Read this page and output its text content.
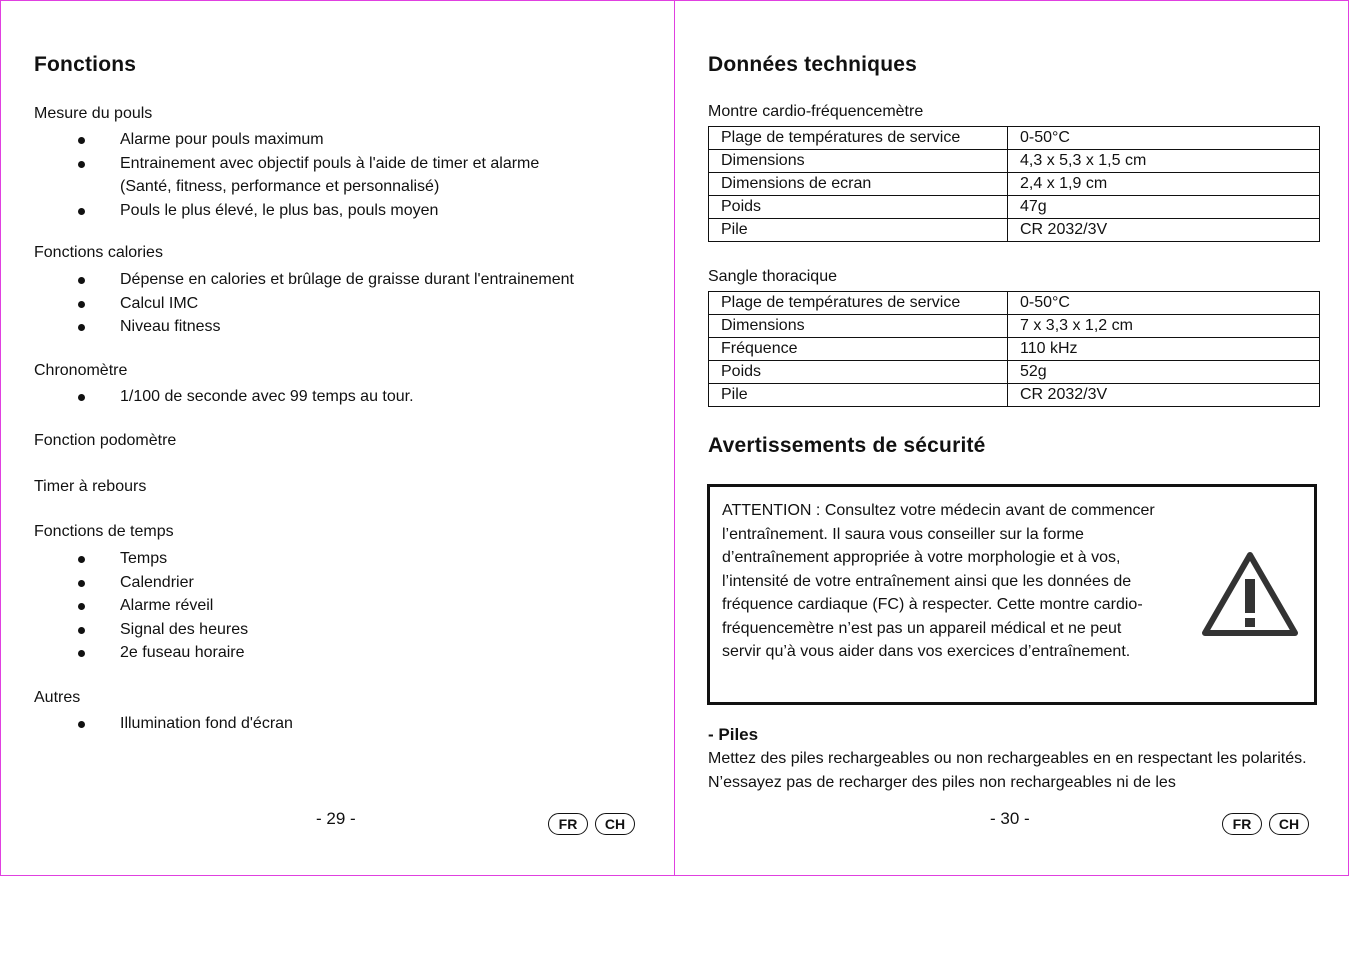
Fonctions

Mesure du pouls

Alarme pour pouls maximum
Entrainement avec objectif pouls à l'aide de timer et alarme
(Santé, fitness, performance et personnalisé)
Pouls le plus élevé, le plus bas, pouls moyen

Fonctions calories

Dépense en calories et brûlage de graisse durant l'entrainement
Calcul IMC
Niveau fitness

Chronomètre

1/100 de seconde avec 99 temps au tour.

Fonction podomètre

Timer à rebours

Fonctions de temps

Temps
Calendrier
Alarme réveil
Signal des heures
2e fuseau horaire

Autres

Illumination fond d'écran
- 29 -	FR	CH
Données techniques

Montre cardio-fréquencemètre

Plage de températures de service	0-50°C
Dimensions	4,3 x 5,3 x 1,5 cm
Dimensions de ecran	2,4 x 1,9 cm
Poids	47g
Pile	CR 2032/3V

Sangle thoracique

Plage de températures de service	0-50°C
Dimensions	7 x 3,3 x 1,2 cm
Fréquence	110 kHz
Poids	52g
Pile	CR 2032/3V
Avertissements de sécurité

ATTENTION : Consultez votre médecin avant de commencer l’entraînement. Il saura vous conseiller sur la forme d’entraînement appropriée à votre morphologie et à vos, l’intensité de votre entraînement ainsi que les données de fréquence cardiaque (FC) à respecter. Cette montre cardio-fréquencemètre n’est pas un appareil médical et ne peut servir qu’à vous aider dans vos exercices d’entraînement.

- Piles

Mettez des piles rechargeables ou non rechargeables en en respectant les polarités. N’essayez pas de recharger des piles non rechargeables ni de les

- 30 -	FR	CH
